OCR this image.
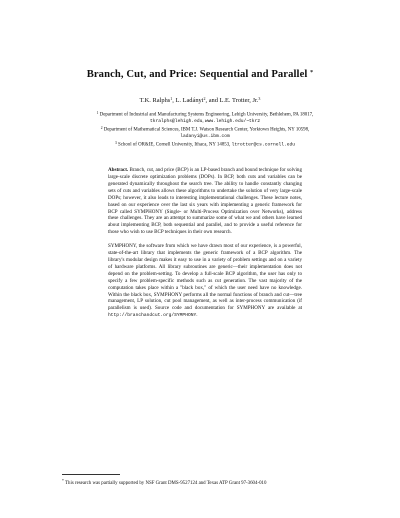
Branch, Cut, and Price: Sequential and Parallel *
T.K. Ralphs$^1$, L. Ladányi$^2$, and L.E. Trotter, Jr.$^3$

$^1$ Department of Industrial and Manufacturing Systems Engineering, Lehigh University, Bethlehem, PA 18017, tkralphs@lehigh.edu, www.lehigh.edu/~tkr2

$^2$ Department of Mathematical Sciences, IBM T.J. Watson Research Center, Yorktown Heights, NY 10598, ladanyi@us.ibm.com

$^3$ School of OR&IE, Cornell University, Ithaca, NY 14853, ltrotter@cs.cornell.edu

Abstract. Branch, cut, and price (BCP) is an LP-based branch and bound technique for solving large-scale discrete optimization problems (DOPs). In BCP, both cuts and variables can be generated dynamically throughout the search tree. The ability to handle constantly changing sets of cuts and variables allows these algorithms to undertake the solution of very large-scale DOPs; however, it also leads to interesting implementational challenges. These lecture notes, based on our experience over the last six years with implementing a generic framework for BCP called SYMPHONY (Single- or Multi-Process Optimization over Networks), address these challenges. They are an attempt to summarize some of what we and others have learned about implementing BCP, both sequential and parallel, and to provide a useful reference for those who wish to use BCP techniques in their own research.

SYMPHONY, the software from which we have drawn most of our experience, is a powerful, state-of-the-art library that implements the generic framework of a BCP algorithm. The library's modular design makes it easy to use in a variety of problem settings and on a variety of hardware platforms. All library subroutines are generic—their implementation does not depend on the problem-setting. To develop a full-scale BCP algorithm, the user has only to specify a few problem-specific methods such as cut generation. The vast majority of the computation takes place within a "black box," of which the user need have no knowledge. Within the black box, SYMPHONY performs all the normal functions of branch and cut—tree management, LP solution, cut pool management, as well as inter-process communication (if parallelism is used). Source code and documentation for SYMPHONY are available at http://branchandcut.org/SYMPHONY.

* This research was partially supported by NSF Grant DMS-9527124 and Texas ATP Grant 97-3604-010
